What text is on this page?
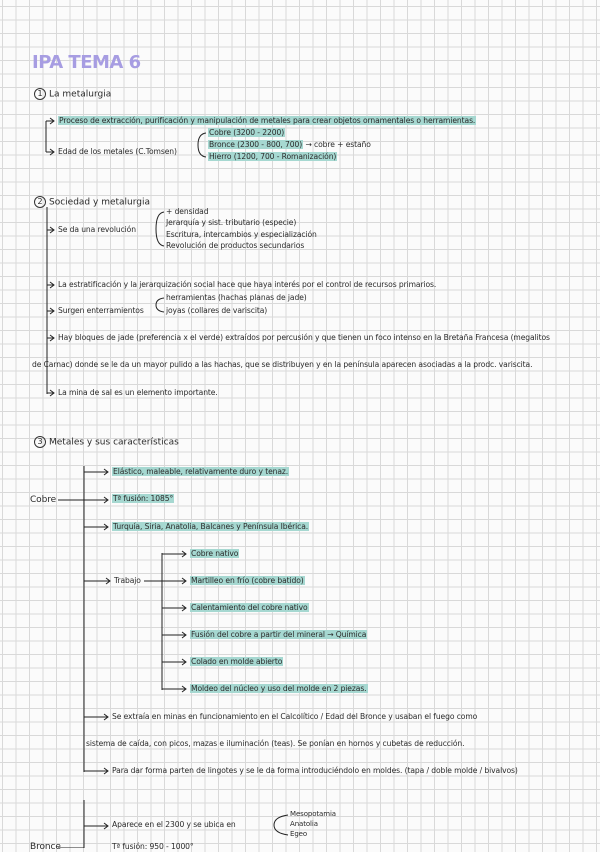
IPA TEMA 6
1 La metalurgia
Proceso de extracción, purificación y manipulación de metales para crear objetos ornamentales o herramientas.
Edad de los metales (C.Tomsen)
Cobre (3200 - 2200)
Bronce (2300 - 800, 700) → cobre + estaño
Hierro (1200, 700 - Romanización)
2 Sociedad y metalurgia
Se da una revolución
+ densidad
Jerarquía y sist. tributario (especie)
Escritura, intercambios y especialización
Revolución de productos secundarios
La estratificación y la jerarquización social hace que haya interés por el control de recursos primarios.
Surgen enterramientos
herramientas (hachas planas de jade)
joyas (collares de variscita)
Hay bloques de jade (preferencia x el verde) extraídos por percusión y que tienen un foco intenso en la Bretaña Francesa (megalitos
de Carnac) donde se le da un mayor pulido a las hachas, que se distribuyen y en la península aparecen asociadas a la prodc. variscita.
La mina de sal es un elemento importante.
3 Metales y sus características
Cobre
Elástico, maleable, relativamente duro y tenaz.
Tª fusión: 1085°
Turquía, Siria, Anatolia, Balcanes y Península Ibérica.
Trabajo
Cobre nativo
Martilleo en frío (cobre batido)
Calentamiento del cobre nativo
Fusión del cobre a partir del mineral → Química
Colado en molde abierto
Moldeo del núcleo y uso del molde en 2 piezas.
Se extraía en minas en funcionamiento en el Calcolítico / Edad del Bronce y usaban el fuego como
sistema de caída, con picos, mazas e iluminación (teas). Se ponían en hornos y cubetas de reducción.
Para dar forma parten de lingotes y se le da forma introduciéndolo en moldes. (tapa / doble molde / bivalvos)
Aparece en el 2300 y se ubica en
Mesopotamia
Anatolia
Egeo
Bronce	Tª fusión: 950 - 1000°
